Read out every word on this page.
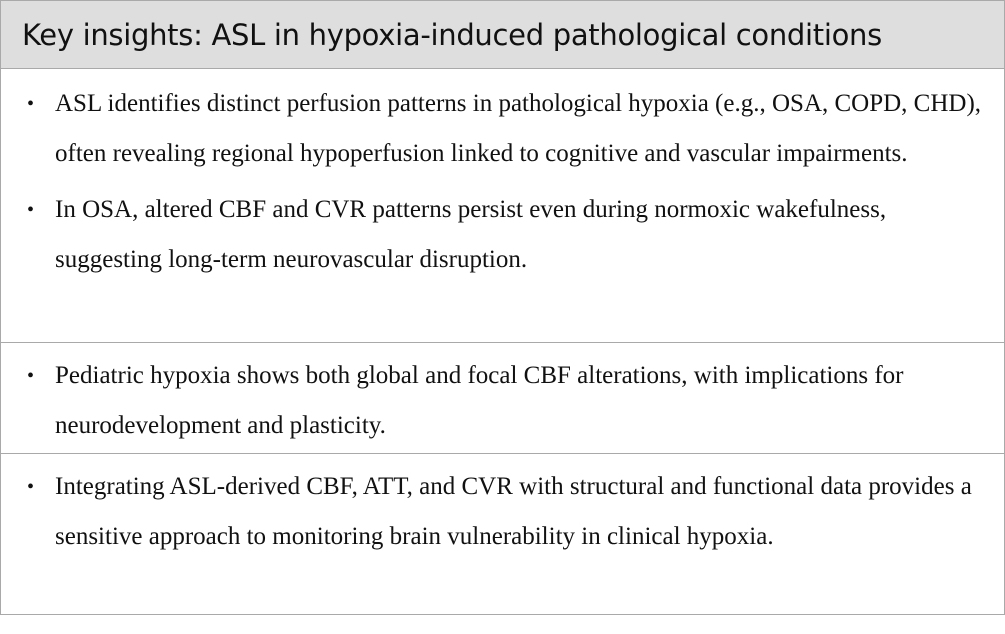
Key insights: ASL in hypoxia-induced pathological conditions
• ASL identifies distinct perfusion patterns in pathological hypoxia (e.g., OSA, COPD, CHD), often revealing regional hypoperfusion linked to cognitive and vascular impairments.
• In OSA, altered CBF and CVR patterns persist even during normoxic wakefulness, suggesting long-term neurovascular disruption.
• Pediatric hypoxia shows both global and focal CBF alterations, with implications for neurodevelopment and plasticity.
• Integrating ASL-derived CBF, ATT, and CVR with structural and functional data provides a sensitive approach to monitoring brain vulnerability in clinical hypoxia.
